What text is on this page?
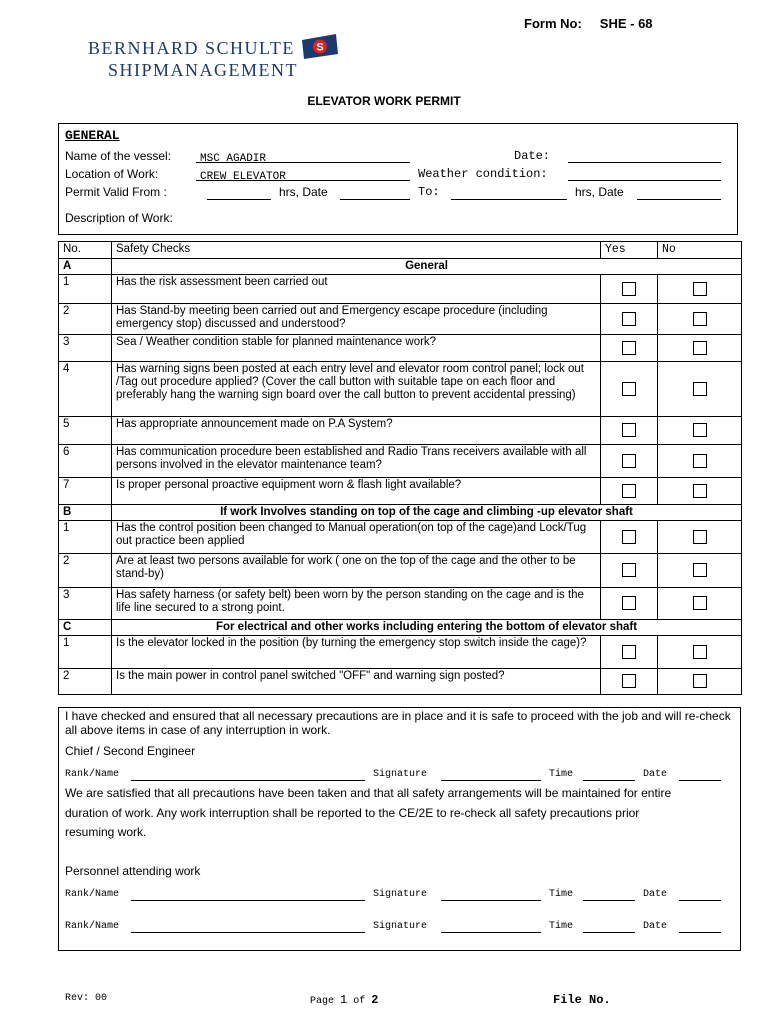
Form No: SHE - 68
BERNHARD SCHULTE
SHIPMANAGEMENT
S
ELEVATOR WORK PERMIT
GENERAL
Name of the vessel:	MSC AGADIR	Date:
Location of Work:	CREW ELEVATOR	Weather condition:
Permit Valid From :	hrs, Date	To:	hrs, Date
Description of Work:
No.	Safety Checks	Yes	No
A	General		
1	Has the risk assessment been carried out		
2	Has Stand-by meeting been carried out and Emergency escape procedure (including emergency stop) discussed and understood?		
3	Sea / Weather condition stable for planned maintenance work?		
4	Has warning signs been posted at each entry level and elevator room control panel; lock out /Tag out procedure applied? (Cover the call button with suitable tape on each floor and preferably hang the warning sign board over the call button to prevent accidental pressing)		
5	Has appropriate announcement made on P.A System?		
6	Has communication procedure been established and Radio Trans receivers available with all persons involved in the elevator maintenance team?		
7	Is proper personal proactive equipment worn & flash light available?		
B	If work Involves standing on top of the cage and climbing -up elevator shaft		
1	Has the control position been changed to Manual operation(on top of the cage)and Lock/Tug out practice been applied		
2	Are at least two persons available for work ( one on the top of the cage and the other to be stand-by)		
3	Has safety harness (or safety belt) been worn by the person standing on the cage and is the life line secured to a strong point.		
C	For electrical and other works including entering the bottom of elevator shaft		
1	Is the elevator locked in the position (by turning the emergency stop switch inside the cage)?		
2	Is the main power in control panel switched "OFF" and warning sign posted?		
I have checked and ensured that all necessary precautions are in place and it is safe to proceed with the job and will re-check all above items in case of any interruption in work.
Chief / Second Engineer
Rank/Name	Signature	Time	Date
We are satisfied that all precautions have been taken and that all safety arrangements will be maintained for entire
duration of work. Any work interruption shall be reported to the CE/2E to re-check all safety precautions prior
resuming work.
Personnel attending work
Rank/Name	Signature	Time	Date
Rank/Name	Signature	Time	Date
Rev: 00	Page 1 of 2	File No.
